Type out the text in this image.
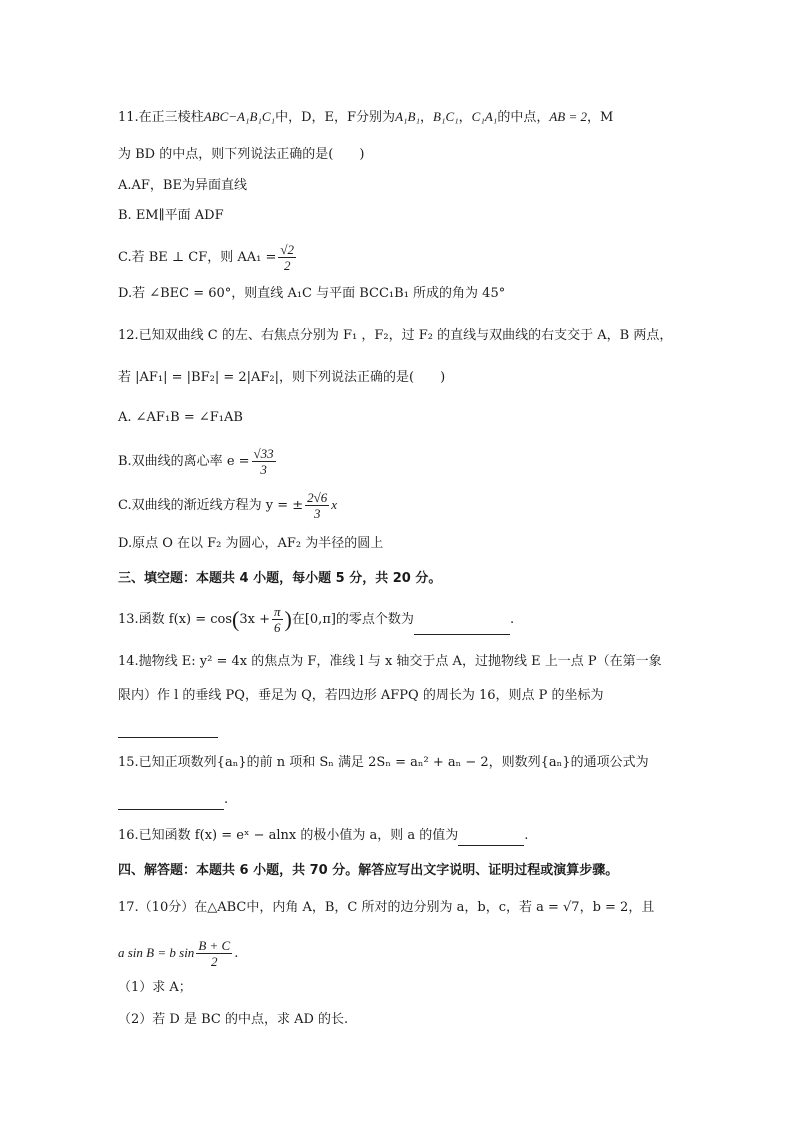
11.在正三棱柱ABC−A₁B₁C₁中，D，E，F分别为A₁B₁，B₁C₁，C₁A₁的中点，AB = 2，M
为 BD 的中点，则下列说法正确的是(　　)
A.AF，BE为异面直线
B. EM∥平面 ADF
C.若 BE ⊥ CF，则 $AA_1 = \frac{√2}{2}$
D.若 ∠BEC = 60°，则直线 A₁C 与平面 BCC₁B₁ 所成的角为 45°
12.已知双曲线 C 的左、右焦点分别为 F₁ ，F₂，过 F₂ 的直线与双曲线的右支交于 A，B 两点，
若 |AF₁| = |BF₂| = 2|AF₂|，则下列说法正确的是(　　)
A. ∠AF₁B = ∠F₁AB
B.双曲线的离心率 $e = \frac{√33}{3}$
C.双曲线的渐近线方程为 y = ± $\frac{2√6}{3}$ x
D.原点 O 在以 F₂ 为圆心，AF₂ 为半径的圆上
三、填空题：本题共 4 小题，每小题 5 分，共 20 分。
13.函数 $f(x) = \cos(3x + \frac{\pi}{6}$ )在[0,π]的零点个数为	.
14.抛物线 E: y² = 4x 的焦点为 F，准线 l 与 x 轴交于点 A，过抛物线 E 上一点 P（在第一象
限内）作 l 的垂线 PQ，垂足为 Q，若四边形 AFPQ 的周长为 16，则点 P 的坐标为
15.已知正项数列{aₙ}的前 n 项和 Sₙ 满足 2Sₙ = aₙ² + aₙ − 2，则数列{aₙ}的通项公式为
.
16.已知函数 f(x) = eˣ − alnx 的极小值为 a，则 a 的值为	.
四、解答题：本题共 6 小题，共 70 分。解答应写出文字说明、证明过程或演算步骤。
17.（10分）在△ABC中，内角 A，B，C 所对的边分别为 a，b，c，若 a = √7，b = 2，且
a sin B = b $\sin \frac{B + C}{2}$ .
（1）求 A；
（2）若 D 是 BC 的中点，求 AD 的长.
